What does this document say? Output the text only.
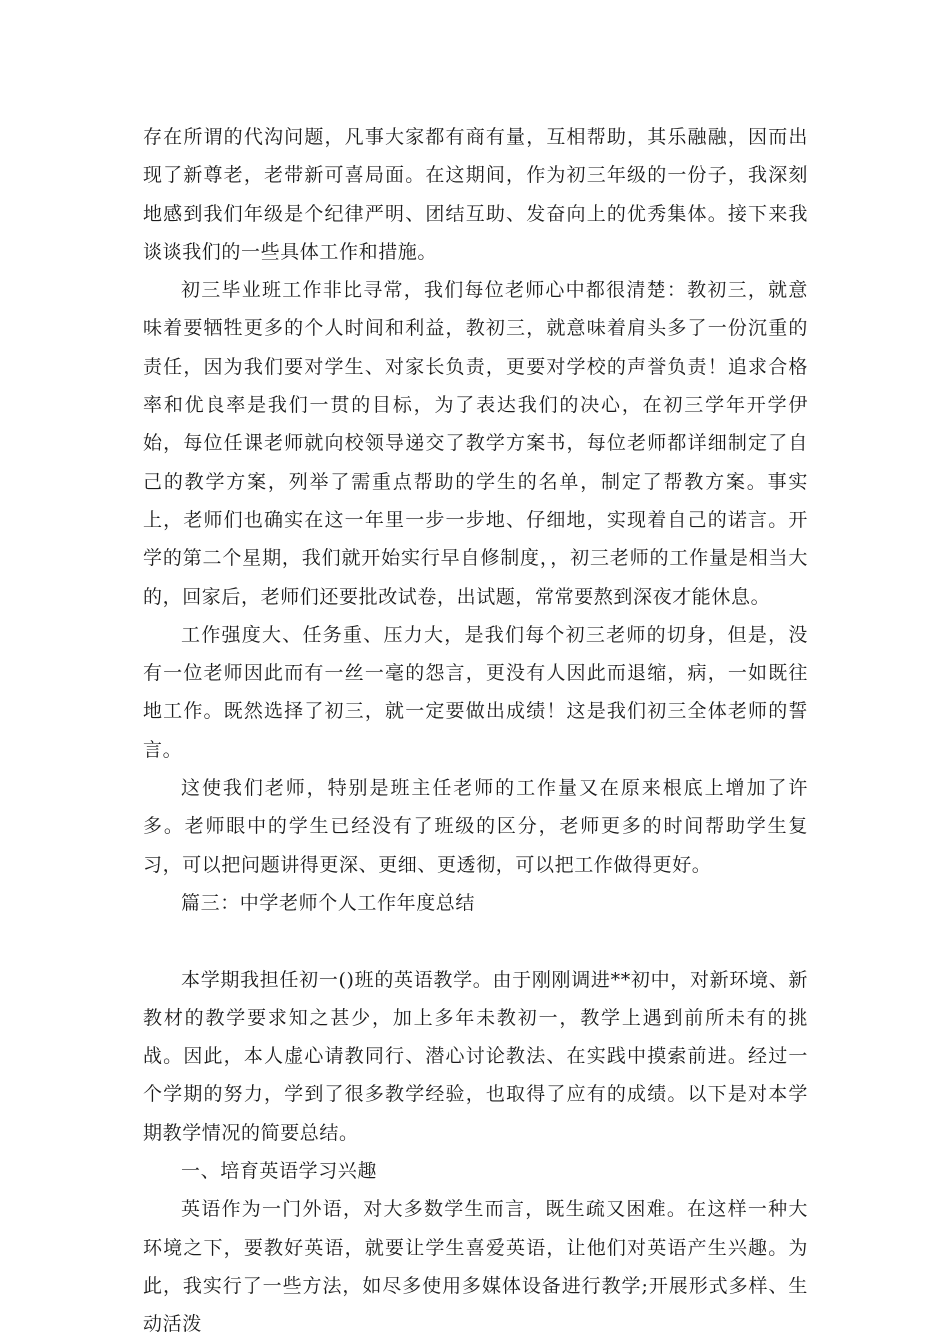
存在所谓的代沟问题，凡事大家都有商有量，互相帮助，其乐融融，因而出现了新尊老，老带新可喜局面。在这期间，作为初三年级的一份子，我深刻地感到我们年级是个纪律严明、团结互助、发奋向上的优秀集体。接下来我谈谈我们的一些具体工作和措施。

初三毕业班工作非比寻常，我们每位老师心中都很清楚：教初三，就意味着要牺牲更多的个人时间和利益，教初三，就意味着肩头多了一份沉重的责任，因为我们要对学生、对家长负责，更要对学校的声誉负责！追求合格率和优良率是我们一贯的目标，为了表达我们的决心，在初三学年开学伊始，每位任课老师就向校领导递交了教学方案书，每位老师都详细制定了自己的教学方案，列举了需重点帮助的学生的名单，制定了帮教方案。事实上，老师们也确实在这一年里一步一步地、仔细地，实现着自己的诺言。开学的第二个星期，我们就开始实行早自修制度，，初三老师的工作量是相当大的，回家后，老师们还要批改试卷，出试题，常常要熬到深夜才能休息。

工作强度大、任务重、压力大，是我们每个初三老师的切身，但是，没有一位老师因此而有一丝一毫的怨言，更没有人因此而退缩，病，一如既往地工作。既然选择了初三，就一定要做出成绩！这是我们初三全体老师的誓言。

这使我们老师，特别是班主任老师的工作量又在原来根底上增加了许多。老师眼中的学生已经没有了班级的区分，老师更多的时间帮助学生复习，可以把问题讲得更深、更细、更透彻，可以把工作做得更好。

篇三：中学老师个人工作年度总结

本学期我担任初一()班的英语教学。由于刚刚调进**初中，对新环境、新教材的教学要求知之甚少，加上多年未教初一，教学上遇到前所未有的挑战。因此，本人虚心请教同行、潜心讨论教法、在实践中摸索前进。经过一个学期的努力，学到了很多教学经验，也取得了应有的成绩。以下是对本学期教学情况的简要总结。

一、培育英语学习兴趣

英语作为一门外语，对大多数学生而言，既生疏又困难。在这样一种大环境之下，要教好英语，就要让学生喜爱英语，让他们对英语产生兴趣。为此，我实行了一些方法，如尽多使用多媒体设备进行教学;开展形式多样、生动活泼
